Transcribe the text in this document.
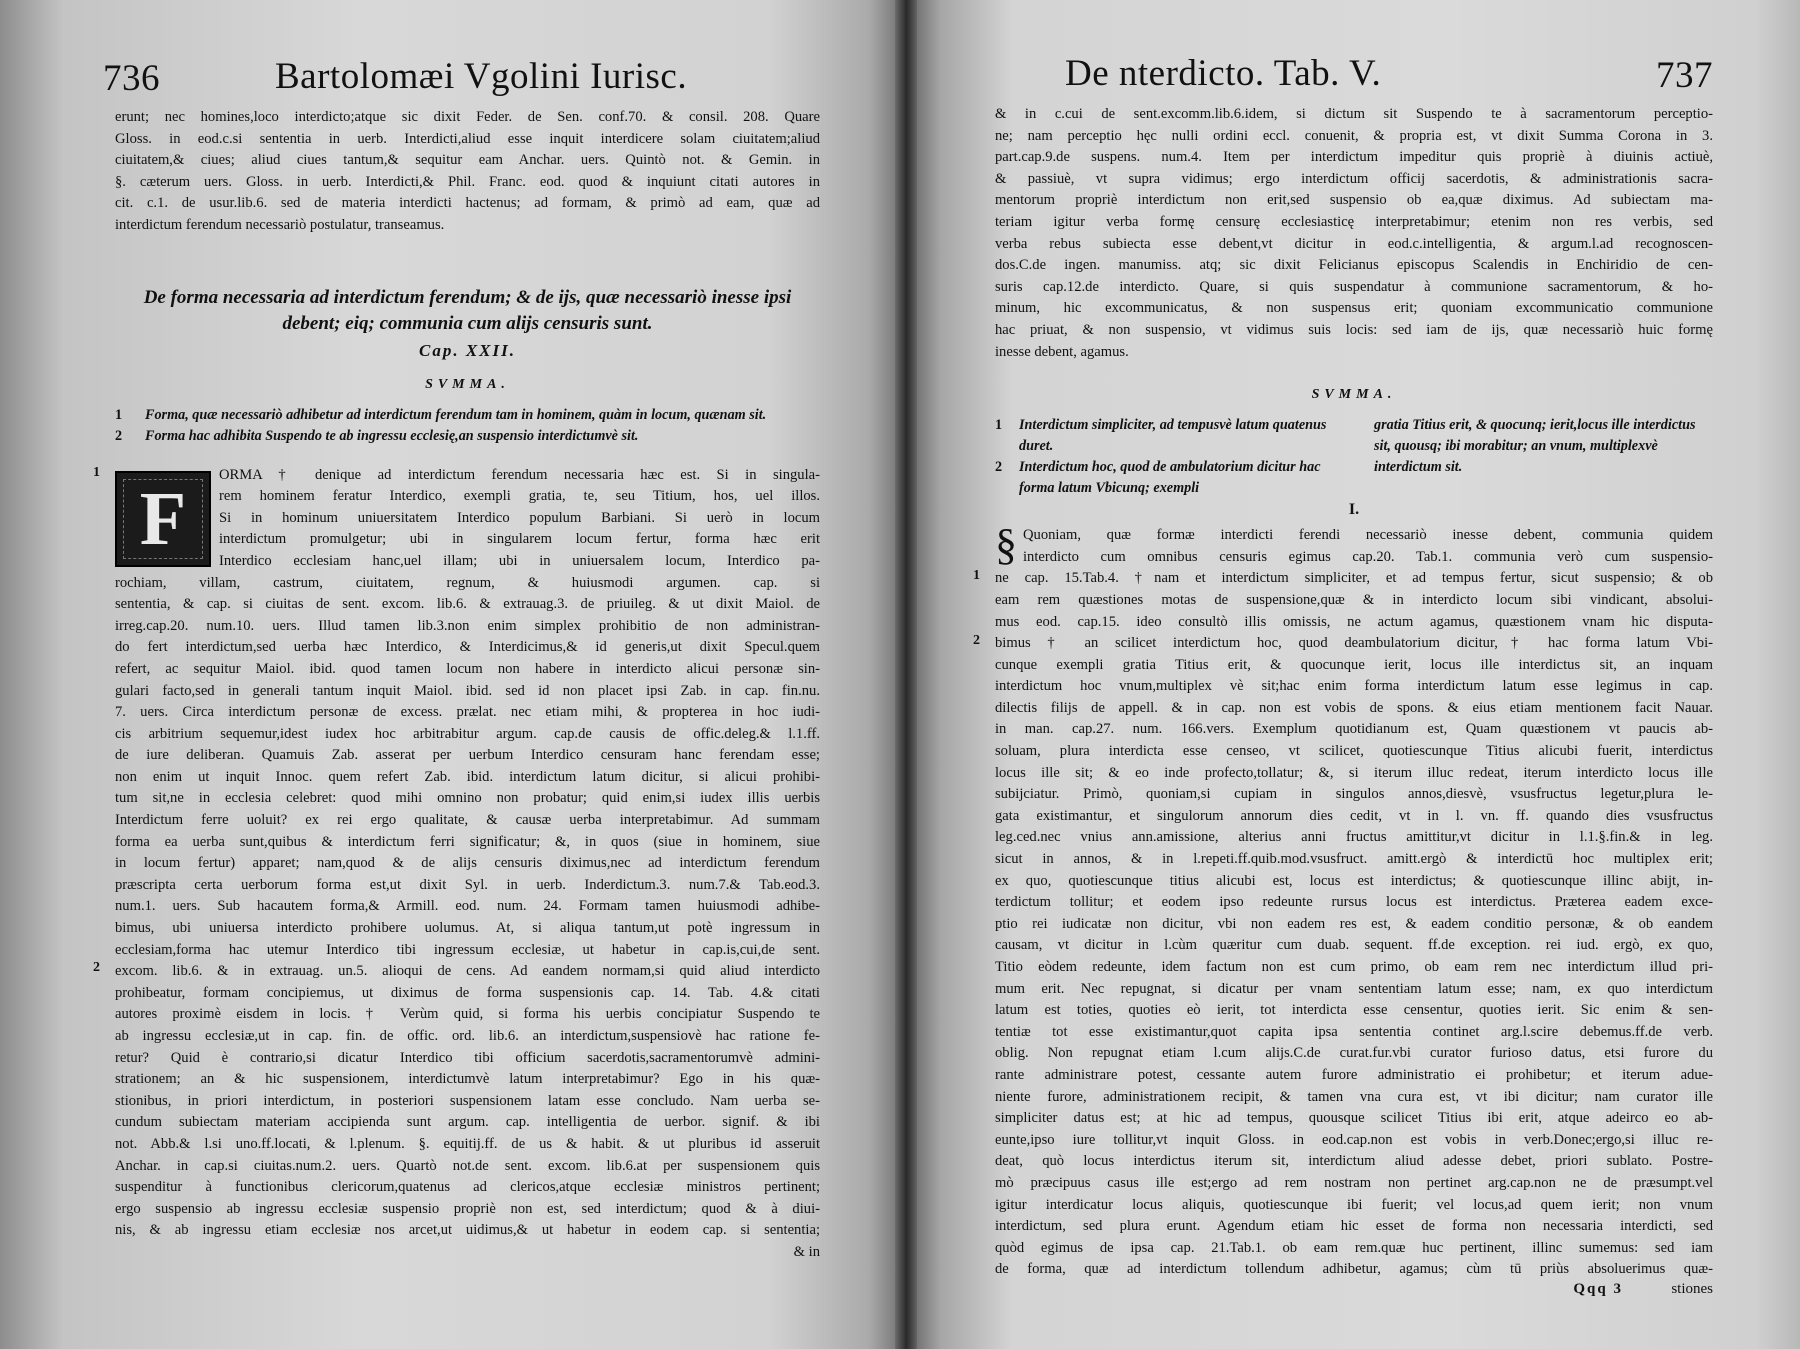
736	Bartolomæi Vgolini Iurisc.
erunt; nec homines,loco interdicto;atque sic dixit Feder. de Sen. conf.70. & consil. 208. Quare
Gloss. in eod.c.si sententia in uerb. Interdicti,aliud esse inquit interdicere solam ciuitatem;aliud
ciuitatem,& ciues; aliud ciues tantum,& sequitur eam Anchar. uers. Quintò not. & Gemin. in
§. cæterum uers. Gloss. in uerb. Interdicti,& Phil. Franc. eod. quod & inquiunt citati autores in
cit. c.1. de usur.lib.6. sed de materia interdicti hactenus; ad formam, & primò ad eam, quæ ad
interdictum ferendum necessariò postulatur, transeamus.
De forma necessaria ad interdictum ferendum; & de ijs, quæ necessariò inesse ipsi debent; eiq; communia cum alijs censuris sunt.
Cap. XXII.
SVMMA.
1 Forma, quæ necessariò adhibetur ad interdictum ferendum tam in hominem, quàm in locum, quænam sit.
2 Forma hac adhibita Suspendo te ab ingressu ecclesię,an suspensio interdictumvè sit.
1
2
F
ORMA † denique ad interdictum ferendum necessaria hæc est. Si in singula-
rem hominem feratur Interdico, exempli gratia, te, seu Titium, hos, uel illos.
Si in hominum uniuersitatem Interdico populum Barbiani. Si uerò in locum
interdictum promulgetur; ubi in singularem locum fertur, forma hæc erit
Interdico ecclesiam hanc,uel illam; ubi in uniuersalem locum, Interdico pa-
rochiam, villam, castrum, ciuitatem, regnum, & huiusmodi argumen. cap. si
sententia, & cap. si ciuitas de sent. excom. lib.6. & extrauag.3. de priuileg. & ut dixit Maiol. de
irreg.cap.20. num.10. uers. Illud tamen lib.3.non enim simplex prohibitio de non administran-
do fert interdictum,sed uerba hæc Interdico, & Interdicimus,& id generis,ut dixit Specul.quem
refert, ac sequitur Maiol. ibid. quod tamen locum non habere in interdicto alicui personæ sin-
gulari facto,sed in generali tantum inquit Maiol. ibid. sed id non placet ipsi Zab. in cap. fin.nu.
7. uers. Circa interdictum personæ de excess. prælat. nec etiam mihi, & propterea in hoc iudi-
cis arbitrium sequemur,idest iudex hoc arbitrabitur argum. cap.de causis de offic.deleg.& l.1.ff.
de iure deliberan. Quamuis Zab. asserat per uerbum Interdico censuram hanc ferendam esse;
non enim ut inquit Innoc. quem refert Zab. ibid. interdictum latum dicitur, si alicui prohibi-
tum sit,ne in ecclesia celebret: quod mihi omnino non probatur; quid enim,si iudex illis uerbis
Interdictum ferre uoluit? ex rei ergo qualitate, & causæ uerba interpretabimur. Ad summam
forma ea uerba sunt,quibus & interdictum ferri significatur; &, in quos (siue in hominem, siue
in locum fertur) apparet; nam,quod & de alijs censuris diximus,nec ad interdictum ferendum
præscripta certa uerborum forma est,ut dixit Syl. in uerb. Inderdictum.3. num.7.& Tab.eod.3.
num.1. uers. Sub hacautem forma,& Armill. eod. num. 24. Formam tamen huiusmodi adhibe-
bimus, ubi uniuersa interdicto prohibere uolumus. At, si aliqua tantum,ut potè ingressum in
ecclesiam,forma hac utemur Interdico tibi ingressum ecclesiæ, ut habetur in cap.is,cui,de sent.
excom. lib.6. & in extrauag. un.5. alioqui de cens. Ad eandem normam,si quid aliud interdicto
prohibeatur, formam concipiemus, ut diximus de forma suspensionis cap. 14. Tab. 4.& citati
autores proximè eisdem in locis. † Verùm quid, si forma his uerbis concipiatur Suspendo te
ab ingressu ecclesiæ,ut in cap. fin. de offic. ord. lib.6. an interdictum,suspensiovè hac ratione fe-
retur? Quid è contrario,si dicatur Interdico tibi officium sacerdotis,sacramentorumvè admini-
strationem; an & hic suspensionem, interdictumvè latum interpretabimur? Ego in his quæ-
stionibus, in priori interdictum, in posteriori suspensionem latam esse concludo. Nam uerba se-
cundum subiectam materiam accipienda sunt argum. cap. intelligentia de uerbor. signif. & ibi
not. Abb.& l.si uno.ff.locati, & l.plenum. §. equitij.ff. de us & habit. & ut pluribus id asseruit
Anchar. in cap.si ciuitas.num.2. uers. Quartò not.de sent. excom. lib.6.at per suspensionem quis
suspenditur à functionibus clericorum,quatenus ad clericos,atque ecclesiæ ministros pertinent;
ergo suspensio ab ingressu ecclesiæ suspensio propriè non est, sed interdictum; quod & à diui-
nis, & ab ingressu etiam ecclesiæ nos arcet,ut uidimus,& ut habetur in eodem cap. si sententia;
& in
De nterdicto. Tab. V.	737
& in c.cui de sent.excomm.lib.6.idem, si dictum sit Suspendo te à sacramentorum perceptio-
ne; nam perceptio hęc nulli ordini eccl. conuenit, & propria est, vt dixit Summa Corona in 3.
part.cap.9.de suspens. num.4. Item per interdictum impeditur quis propriè à diuinis actiuè,
& passiuè, vt supra vidimus; ergo interdictum officij sacerdotis, & administrationis sacra-
mentorum propriè interdictum non erit,sed suspensio ob ea,quæ diximus. Ad subiectam ma-
teriam igitur verba formę censurę ecclesiasticę interpretabimur; etenim non res verbis, sed
verba rebus subiecta esse debent,vt dicitur in eod.c.intelligentia, & argum.l.ad recognoscen-
dos.C.de ingen. manumiss. atq; sic dixit Felicianus episcopus Scalendis in Enchiridio de cen-
suris cap.12.de interdicto. Quare, si quis suspendatur à communione sacramentorum, & ho-
minum, hic excommunicatus, & non suspensus erit; quoniam excommunicatio communione
hac priuat, & non suspensio, vt vidimus suis locis: sed iam de ijs, quæ necessariò huic formę
inesse debent, agamus.
SVMMA.
1 Interdictum simpliciter, ad tempusvè latum quatenus duret.
2 Interdictum hoc, quod de ambulatorium dicitur hac forma latum Vbicunq; exempli
gratia Titius erit, & quocunq; ierit,locus ille interdictus sit, quousq; ibi morabitur; an vnum, multiplexvè interdictum sit.
I.
1
2
§ Quoniam, quæ formæ interdicti ferendi necessariò inesse debent, communia quidem
interdicto cum omnibus censuris egimus cap.20. Tab.1. communia verò cum suspensio-
ne cap. 15.Tab.4. †nam et interdictum simpliciter, et ad tempus fertur, sicut suspensio; & ob
eam rem quæstiones motas de suspensione,quæ & in interdicto locum sibi vindicant, absolui-
mus eod. cap.15. ideo consultò illis omissis, ne actum agamus, quæstionem vnam hic disputa-
bimus † an scilicet interdictum hoc, quod deambulatorium dicitur,† hac forma latum Vbi-
cunque exempli gratia Titius erit, & quocunque ierit, locus ille interdictus sit, an inquam
interdictum hoc vnum,multiplex vè sit;hac enim forma interdictum latum esse legimus in cap.
dilectis filijs de appell. & in cap. non est vobis de spons. & eius etiam mentionem facit Nauar.
in man. cap.27. num. 166.vers. Exemplum quotidianum est, Quam quæstionem vt paucis ab-
soluam, plura interdicta esse censeo, vt scilicet, quotiescunque Titius alicubi fuerit, interdictus
locus ille sit; & eo inde profecto,tollatur; &, si iterum illuc redeat, iterum interdicto locus ille
subijciatur. Primò, quoniam,si cupiam in singulos annos,diesvè, vsusfructus legetur,plura le-
gata existimantur, et singulorum annorum dies cedit, vt in l. vn. ff. quando dies vsusfructus
leg.ced.nec vnius ann.amissione, alterius anni fructus amittitur,vt dicitur in l.1.§.fin.& in leg.
sicut in annos, & in l.repeti.ff.quib.mod.vsusfruct. amitt.ergò & interdictū hoc multiplex erit;
ex quo, quotiescunque titius alicubi est, locus est interdictus; & quotiescunque illinc abijt, in-
terdictum tollitur; et eodem ipso redeunte rursus locus est interdictus. Præterea eadem exce-
ptio rei iudicatæ non dicitur, vbi non eadem res est, & eadem conditio personæ, & ob eandem
causam, vt dicitur in l.cùm quæritur cum duab. sequent. ff.de exception. rei iud. ergò, ex quo,
Titio eòdem redeunte, idem factum non est cum primo, ob eam rem nec interdictum illud pri-
mum erit. Nec repugnat, si dicatur per vnam sententiam latum esse; nam, ex quo interdictum
latum est toties, quoties eò ierit, tot interdicta esse censentur, quoties ierit. Sic enim & sen-
tentiæ tot esse existimantur,quot capita ipsa sententia continet arg.l.scire debemus.ff.de verb.
oblig. Non repugnat etiam l.cum alijs.C.de curat.fur.vbi curator furioso datus, etsi furore du
rante administrare potest, cessante autem furore administratio ei prohibetur; et iterum adue-
niente furore, administrationem recipit, & tamen vna cura est, vt ibi dicitur; nam curator ille
simpliciter datus est; at hic ad tempus, quousque scilicet Titius ibi erit, atque adeirco eo ab-
eunte,ipso iure tollitur,vt inquit Gloss. in eod.cap.non est vobis in verb.Donec;ergo,si illuc re-
deat, quò locus interdictus iterum sit, interdictum aliud adesse debet, priori sublato. Postre-
mò præcipuus casus ille est;ergo ad rem nostram non pertinet arg.cap.non ne de præsumpt.vel
igitur interdicatur locus aliquis, quotiescunque ibi fuerit; vel locus,ad quem ierit; non vnum
interdictum, sed plura erunt. Agendum etiam hic esset de forma non necessaria interdicti, sed
quòd egimus de ipsa cap. 21.Tab.1. ob eam rem.quæ huc pertinent, illinc sumemus: sed iam
de forma, quæ ad interdictum tollendum adhibetur, agamus; cùm tū priùs absoluerimus quæ-
Qqq 3	stiones
